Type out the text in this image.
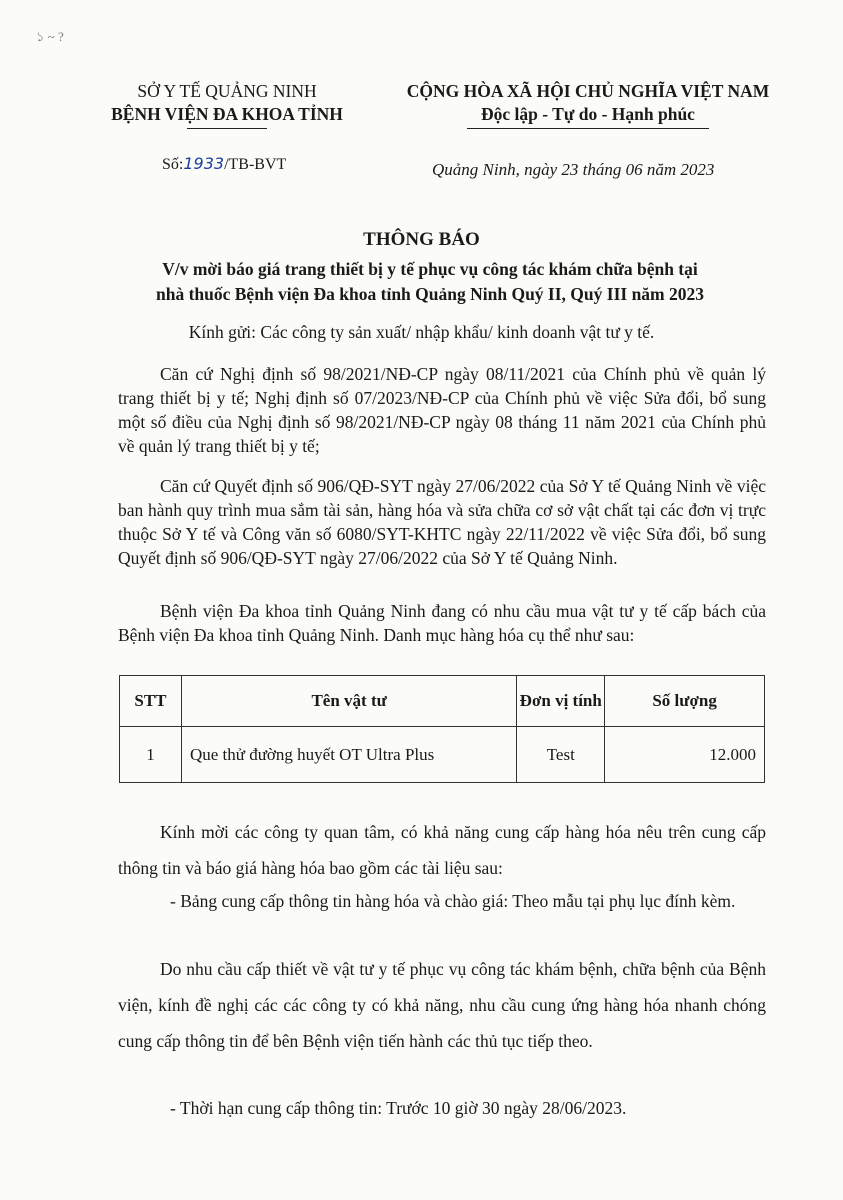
১ ~ ?
SỞ Y TẾ QUẢNG NINH
BỆNH VIỆN ĐA KHOA TỈNH
CỘNG HÒA XÃ HỘI CHỦ NGHĨA VIỆT NAM
Độc lập - Tự do - Hạnh phúc
Số:1933/TB-BVT	Quảng Ninh, ngày 23 tháng 06 năm 2023
THÔNG BÁO
V/v mời báo giá trang thiết bị y tế phục vụ công tác khám chữa bệnh tại
nhà thuốc Bệnh viện Đa khoa tỉnh Quảng Ninh Quý II, Quý III năm 2023
Kính gửi: Các công ty sản xuất/ nhập khẩu/ kinh doanh vật tư y tế.
Căn cứ Nghị định số 98/2021/NĐ-CP ngày 08/11/2021 của Chính phủ về quản lý trang thiết bị y tế; Nghị định số 07/2023/NĐ-CP của Chính phủ về việc Sửa đổi, bổ sung một số điều của Nghị định số 98/2021/NĐ-CP ngày 08 tháng 11 năm 2021 của Chính phủ về quản lý trang thiết bị y tế;
Căn cứ Quyết định số 906/QĐ-SYT ngày 27/06/2022 của Sở Y tế Quảng Ninh về việc ban hành quy trình mua sắm tài sản, hàng hóa và sửa chữa cơ sở vật chất tại các đơn vị trực thuộc Sở Y tế và Công văn số 6080/SYT-KHTC ngày 22/11/2022 về việc Sửa đổi, bổ sung Quyết định số 906/QĐ-SYT ngày 27/06/2022 của Sở Y tế Quảng Ninh.
Bệnh viện Đa khoa tỉnh Quảng Ninh đang có nhu cầu mua vật tư y tế cấp bách của Bệnh viện Đa khoa tỉnh Quảng Ninh. Danh mục hàng hóa cụ thể như sau:
STT	Tên vật tư	Đơn vị tính	Số lượng
1	Que thử đường huyết OT Ultra Plus	Test	12.000
Kính mời các công ty quan tâm, có khả năng cung cấp hàng hóa nêu trên cung cấp thông tin và báo giá hàng hóa bao gồm các tài liệu sau:
- Bảng cung cấp thông tin hàng hóa và chào giá: Theo mẫu tại phụ lục đính kèm.
Do nhu cầu cấp thiết về vật tư y tế phục vụ công tác khám bệnh, chữa bệnh của Bệnh viện, kính đề nghị các các công ty có khả năng, nhu cầu cung ứng hàng hóa nhanh chóng cung cấp thông tin để bên Bệnh viện tiến hành các thủ tục tiếp theo.
- Thời hạn cung cấp thông tin: Trước 10 giờ 30 ngày 28/06/2023.
